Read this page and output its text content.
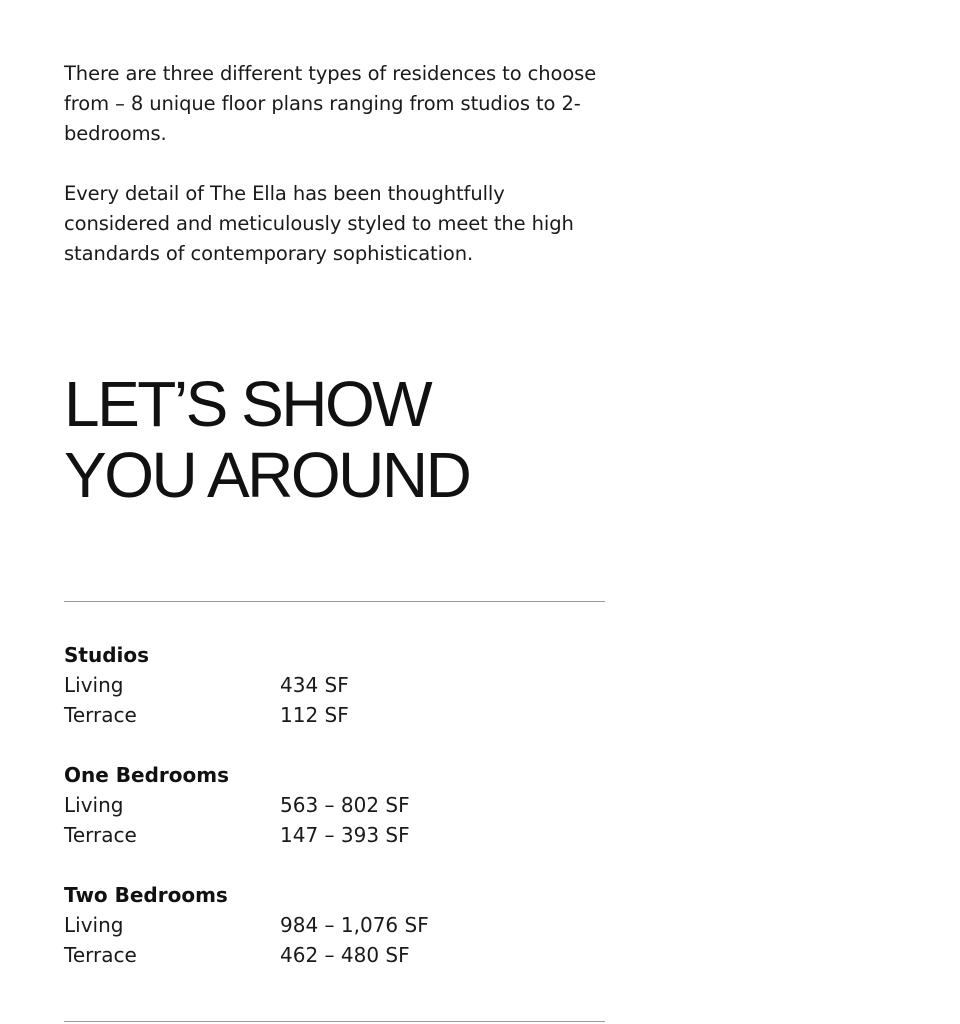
There are three different types of residences to choose from – 8 unique floor plans ranging from studios to 2-bedrooms.

Every detail of The Ella has been thoughtfully considered and meticulously styled to meet the high standards of contemporary sophistication.

LET’S SHOW
YOU AROUND
Studios
Living	434 SF
Terrace	112 SF
One Bedrooms
Living	563 – 802 SF
Terrace	147 – 393 SF
Two Bedrooms
Living	984 – 1,076 SF
Terrace	462 – 480 SF
